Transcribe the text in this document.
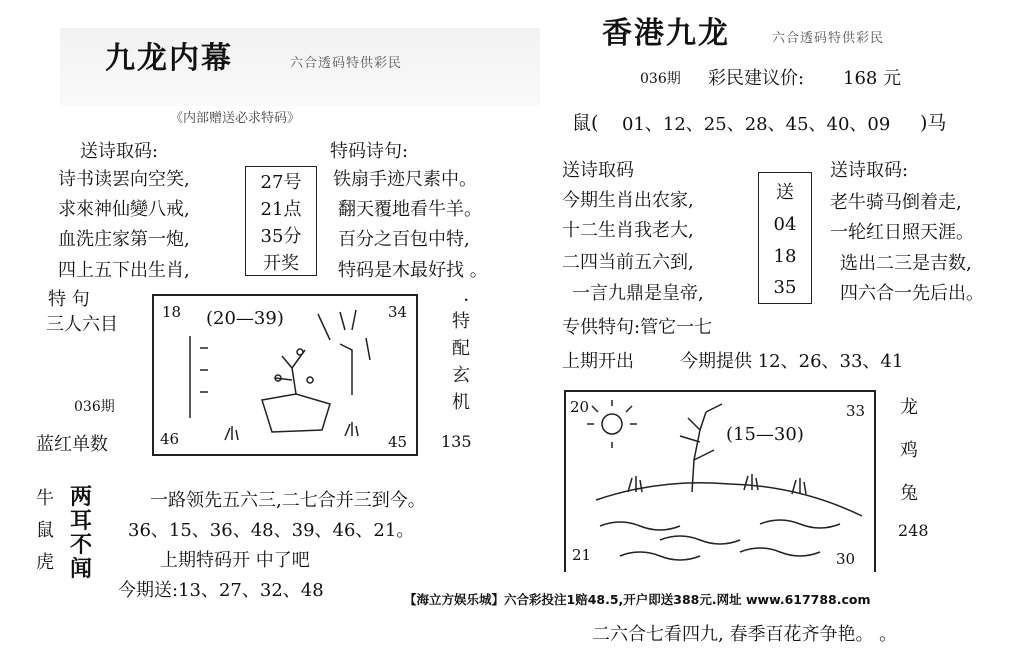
九龙内幕	六合透码特供彩民
《内部赠送必求特码》
送诗取码:
诗书读罢向空笑,
求來神仙變八戒,
血洗庄家第一炮,
四上五下出生肖,
27号
21点
35分
开奖
特码诗句:
铁扇手迹尺素中。
翻天覆地看牛羊。
百分之百包中特,
特码是木最好找 。
特 句
三人六目
036期
蓝红单数
18	34
46	45
(20—39)
.
特
配
玄
机
135
牛
鼠
虎
两
耳
不
闻
一路领先五六三,二七合并三到今。
36、15、36、48、39、46、21。
上期特码开 中了吧
今期送:13、27、32、48
香港九龙	六合透码特供彩民
036期 彩民建议价: 168 元
鼠( 01、12、25、28、45、40、09 )马
送诗取码
今期生肖出农家,
十二生肖我老大,
二四当前五六到,
一言九鼎是皇帝,
送
04
18
35
送诗取码:
老牛骑马倒着走,
一轮红日照天涯。
选出二三是吉数,
四六合一先后出。
专供特句:管它一七
上期开出	今期提供 12、26、33、41
20	33
21	30
(15—30)
龙
鸡
兔
248
【海立方娱乐城】六合彩投注1赔48.5,开户即送388元.网址 www.617788.com
二六合七看四九, 春季百花齐争艳。 。
